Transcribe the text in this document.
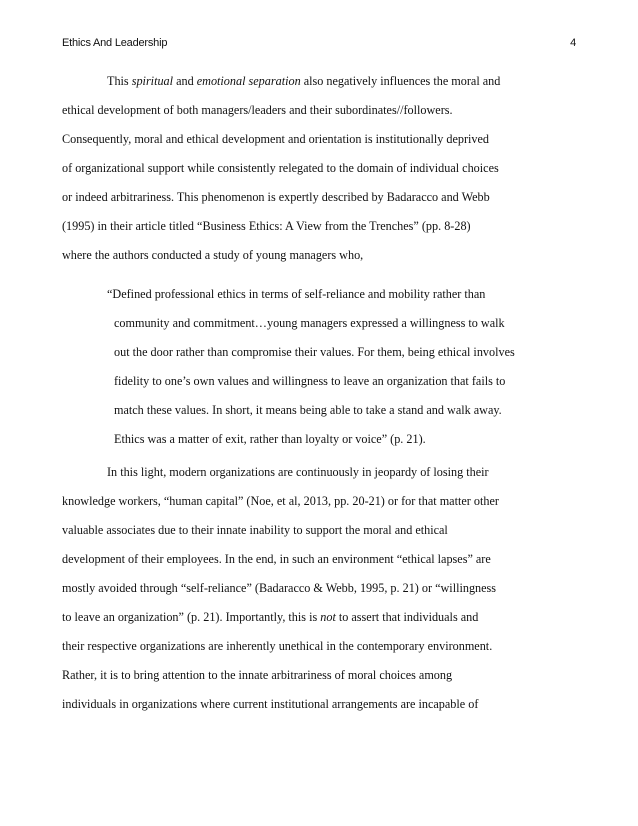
Ethics And Leadership	4
This spiritual and emotional separation also negatively influences the moral and
ethical development of both managers/leaders and their subordinates//followers.
Consequently, moral and ethical development and orientation is institutionally deprived
of organizational support while consistently relegated to the domain of individual choices
or indeed arbitrariness. This phenomenon is expertly described by Badaracco and Webb
(1995) in their article titled “Business Ethics: A View from the Trenches” (pp. 8-28)
where the authors conducted a study of young managers who,
“Defined professional ethics in terms of self-reliance and mobility rather than
community and commitment…young managers expressed a willingness to walk
out the door rather than compromise their values. For them, being ethical involves
fidelity to one’s own values and willingness to leave an organization that fails to
match these values. In short, it means being able to take a stand and walk away.
Ethics was a matter of exit, rather than loyalty or voice” (p. 21).
In this light, modern organizations are continuously in jeopardy of losing their
knowledge workers, “human capital” (Noe, et al, 2013, pp. 20-21) or for that matter other
valuable associates due to their innate inability to support the moral and ethical
development of their employees. In the end, in such an environment “ethical lapses” are
mostly avoided through “self-reliance” (Badaracco & Webb, 1995, p. 21) or “willingness
to leave an organization” (p. 21). Importantly, this is not to assert that individuals and
their respective organizations are inherently unethical in the contemporary environment.
Rather, it is to bring attention to the innate arbitrariness of moral choices among
individuals in organizations where current institutional arrangements are incapable of
